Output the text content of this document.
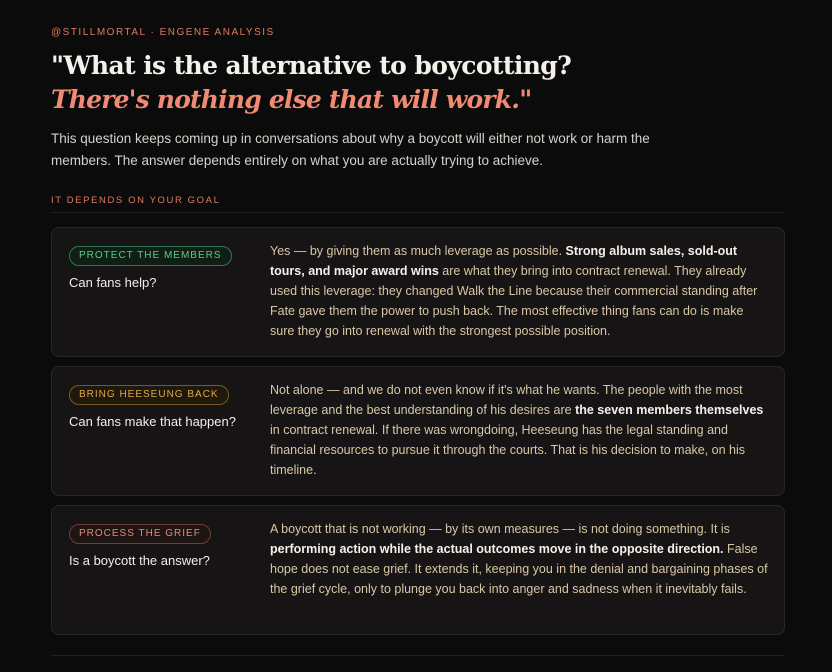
@STILLMORTAL · ENGENE ANALYSIS
"What is the alternative to boycotting?
There's nothing else that will work."

This question keeps coming up in conversations about why a boycott will either not work or harm the members. The answer depends entirely on what you are actually trying to achieve.

IT DEPENDS ON YOUR GOAL
PROTECT THE MEMBERS
Can fans help?

Yes — by giving them as much leverage as possible. Strong album sales, sold-out tours, and major award wins are what they bring into contract renewal. They already used this leverage: they changed Walk the Line because their commercial standing after Fate gave them the power to push back. The most effective thing fans can do is make sure they go into renewal with the strongest possible position.

BRING HEESEUNG BACK
Can fans make that happen?

Not alone — and we do not even know if it's what he wants. The people with the most leverage and the best understanding of his desires are the seven members themselves in contract renewal. If there was wrongdoing, Heeseung has the legal standing and financial resources to pursue it through the courts. That is his decision to make, on his timeline.

PROCESS THE GRIEF
Is a boycott the answer?

A boycott that is not working — by its own measures — is not doing something. It is performing action while the actual outcomes move in the opposite direction. False hope does not ease grief. It extends it, keeping you in the denial and bargaining phases of the grief cycle, only to plunge you back into anger and sadness when it inevitably fails.
